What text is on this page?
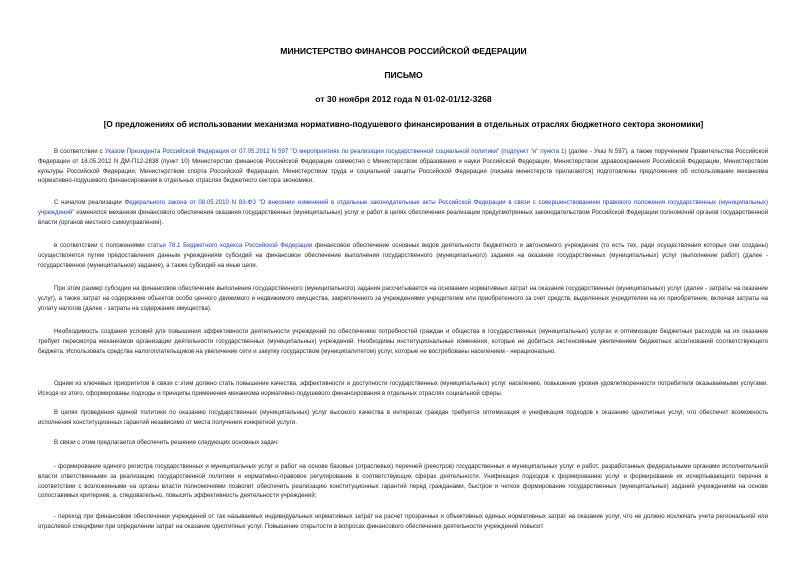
МИНИСТЕРСТВО ФИНАНСОВ РОССИЙСКОЙ ФЕДЕРАЦИИ
ПИСЬМО
от 30 ноября 2012 года N 01-02-01/12-3268
[О предложениях об использовании механизма нормативно-подушевого финансирования в отдельных отраслях бюджетного сектора экономики]

В соответствии с Указом Президента Российской Федерации от 07.05.2012 N 597 "О мероприятиях по реализации государственной социальной политики" (подпункт "и" пункта 1) (далее - Указ N 597), а также поручением Правительства Российской Федерации от 18.05.2012 N ДМ-П12-2838 (пункт 10) Министерство финансов Российской Федерации совместно с Министерством образования и науки Российской Федерации, Министерством здравоохранения Российской Федерации, Министерством культуры Российской Федерации, Министерством спорта Российской Федерации, Министерством труда и социальной защиты Российской Федерации (письма министерств прилагаются) подготовлены предложения об использовании механизма нормативно-подушевого финансирования в отдельных отраслях бюджетного сектора экономики.

С началом реализации Федерального закона от 08.05.2010 N 83-ФЗ "О внесении изменений в отдельные законодательные акты Российской Федерации в связи с совершенствованием правового положения государственных (муниципальных) учреждений" изменился механизм финансового обеспечения оказания государственных (муниципальных) услуг и работ в целях обеспечения реализации предусмотренных законодательством Российской Федерации полномочий органов государственной власти (органов местного самоуправления).

в соответствии с положениями статьи 78.1 Бюджетного кодекса Российской Федерации финансовое обеспечение основных видов деятельности бюджетного и автономного учреждения (то есть тех, ради осуществления которых они созданы) осуществляется путем предоставления данным учреждениям субсидий на финансовое обеспечение выполнения государственного (муниципального) задания на оказание государственных (муниципальных) услуг (выполнение работ) (далее - государственное (муниципальное) задание), а также субсидий на иные цели.

При этом размер субсидии на финансовое обеспечение выполнения государственного (муниципального) задания рассчитывается на основании нормативных затрат на оказание государственных (муниципальных) услуг (далее - затраты на оказание услуг), а также затрат на содержание объектов особо ценного движимого и недвижимого имущества, закрепленного за учреждениями учредителем или приобретенного за счет средств, выделенных учредителем на их приобретение, включая затраты на уплату налогов (далее - затраты на содержание имущества).

Необходимость создания условий для повышения эффективности деятельности учреждений по обеспечению потребностей граждан и общества в государственных (муниципальных) услугах и оптимизации бюджетных расходов на их оказание требует пересмотра механизмов организации деятельности государственных (муниципальных) учреждений. Необходимы институциональные изменения, которые не добиться экстенсивным увеличением бюджетных ассигнований соответствующего бюджета. Использовать средства налогоплательщиков на увеличение сети и закупку государством (муниципалитетом) услуг, которые не востребованы населением - нерационально.

Одним из ключевых приоритетов в связи с этим должно стать повышение качества, эффективности и доступности государственных (муниципальных) услуг населению, повышение уровня удовлетворенности потребителя оказываемыми услугами. Исходя из этого, сформированы подходы и принципы применения механизма нормативно-подушевого финансирования в отдельных отраслях социальной сферы.

В целях проведения единой политики по оказанию государственных (муниципальных) услуг высокого качества в интересах граждан требуется оптимизация и унификация подходов к оказанию однотипных услуг, что обеспечит возможность исполнения конституционных гарантий независимо от места получения конкретной услуги.

В связи с этим предлагается обеспечить решение следующих основных задач:

- формирование единого регистра государственных и муниципальных услуг и работ на основе базовых (отраслевых) перечней (реестров) государственных и муниципальных услуг и работ, разработанных федеральными органами исполнительной власти ответственными за реализацию государственной политики и нормативно-правовое регулирование в соответствующих сферах деятельности. Унификация подходов к формированию услуг и формирование их исчерпывающего перечня в соответствии с возложенными на органы власти полномочиями позволит обеспечить реализацию конституционных гарантий перед гражданами, быстрое и четкое формирование государственных (муниципальных) заданий учреждениям на основе сопоставимых критериев, а, следовательно, повысить эффективность деятельности учреждений;

- переход при финансовом обеспечении учреждений от так называемых индивидуальных нормативных затрат на расчет прозрачных и объективных единых нормативных затрат на оказание услуг, что не должно исключать учета региональной или отраслевой специфики при определении затрат на оказание однотипных услуг. Повышение открытости в вопросах финансового обеспечения деятельности учреждений повысит
